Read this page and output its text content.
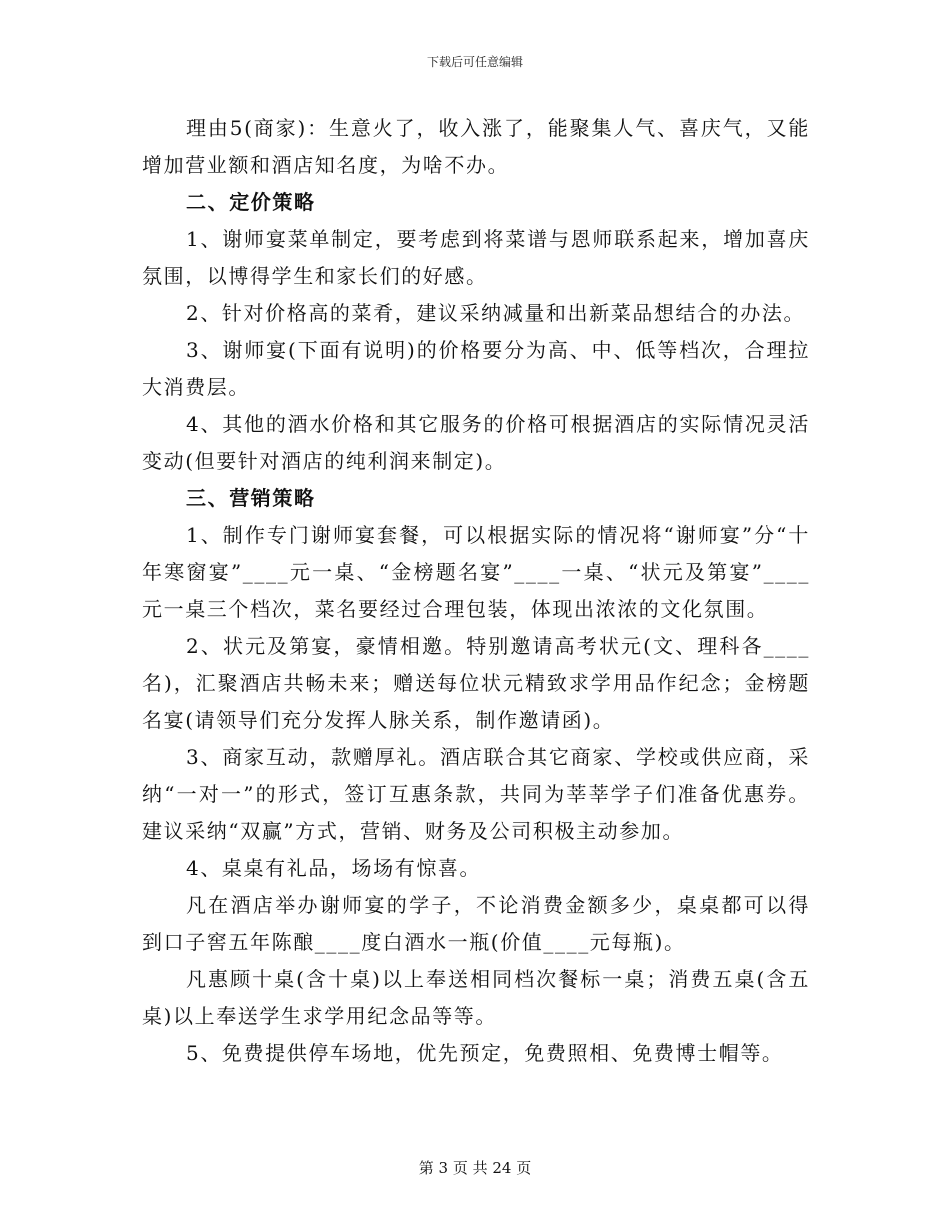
下载后可任意编辑

理由5(商家)：生意火了，收入涨了，能聚集人气、喜庆气，又能增加营业额和酒店知名度，为啥不办。

二、定价策略

1、谢师宴菜单制定，要考虑到将菜谱与恩师联系起来，增加喜庆氛围，以博得学生和家长们的好感。

2、针对价格高的菜肴，建议采纳减量和出新菜品想结合的办法。

3、谢师宴(下面有说明)的价格要分为高、中、低等档次，合理拉大消费层。

4、其他的酒水价格和其它服务的价格可根据酒店的实际情况灵活变动(但要针对酒店的纯利润来制定)。

三、营销策略

1、制作专门谢师宴套餐，可以根据实际的情况将“谢师宴”分“十年寒窗宴”____元一桌、“金榜题名宴”____一桌、“状元及第宴”____元一桌三个档次，菜名要经过合理包装，体现出浓浓的文化氛围。

2、状元及第宴，豪情相邀。特别邀请高考状元(文、理科各____名)，汇聚酒店共畅未来；赠送每位状元精致求学用品作纪念；金榜题名宴(请领导们充分发挥人脉关系，制作邀请函)。

3、商家互动，款赠厚礼。酒店联合其它商家、学校或供应商，采纳“一对一”的形式，签订互惠条款，共同为莘莘学子们准备优惠券。建议采纳“双赢”方式，营销、财务及公司积极主动参加。

4、桌桌有礼品，场场有惊喜。

凡在酒店举办谢师宴的学子，不论消费金额多少，桌桌都可以得到口子窖五年陈酿____度白酒水一瓶(价值____元每瓶)。

凡惠顾十桌(含十桌)以上奉送相同档次餐标一桌；消费五桌(含五桌)以上奉送学生求学用纪念品等等。

5、免费提供停车场地，优先预定，免费照相、免费博士帽等。

第 3 页 共 24 页
